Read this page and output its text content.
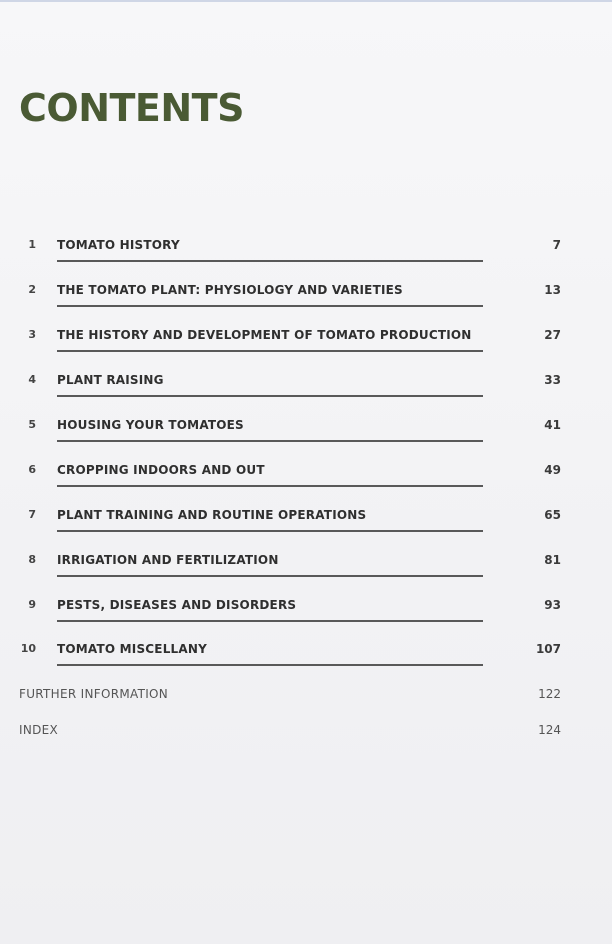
CONTENTS
1 TOMATO HISTORY	7
2 THE TOMATO PLANT: PHYSIOLOGY AND VARIETIES	13
3 THE HISTORY AND DEVELOPMENT OF TOMATO PRODUCTION	27
4 PLANT RAISING	33
5 HOUSING YOUR TOMATOES	41
6 CROPPING INDOORS AND OUT	49
7 PLANT TRAINING AND ROUTINE OPERATIONS	65
8 IRRIGATION AND FERTILIZATION	81
9 PESTS, DISEASES AND DISORDERS	93
10 TOMATO MISCELLANY	107
FURTHER INFORMATION	122
INDEX	124
